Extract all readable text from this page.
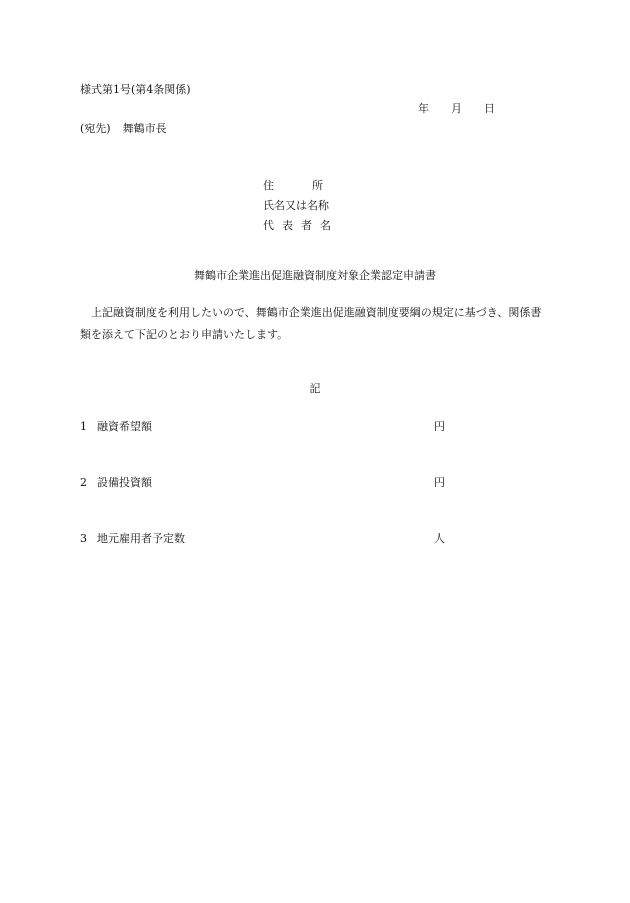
様式第1号(第4条関係)
年 月 日
(宛先) 舞鶴市長
住所
氏名又は名称
代表者名
舞鶴市企業進出促進融資制度対象企業認定申請書
上記融資制度を利用したいので、舞鶴市企業進出促進融資制度要綱の規定に基づき、関係書類を添えて下記のとおり申請いたします。
記
1 融資希望額	円
2 設備投資額	円
3 地元雇用者予定数	人
